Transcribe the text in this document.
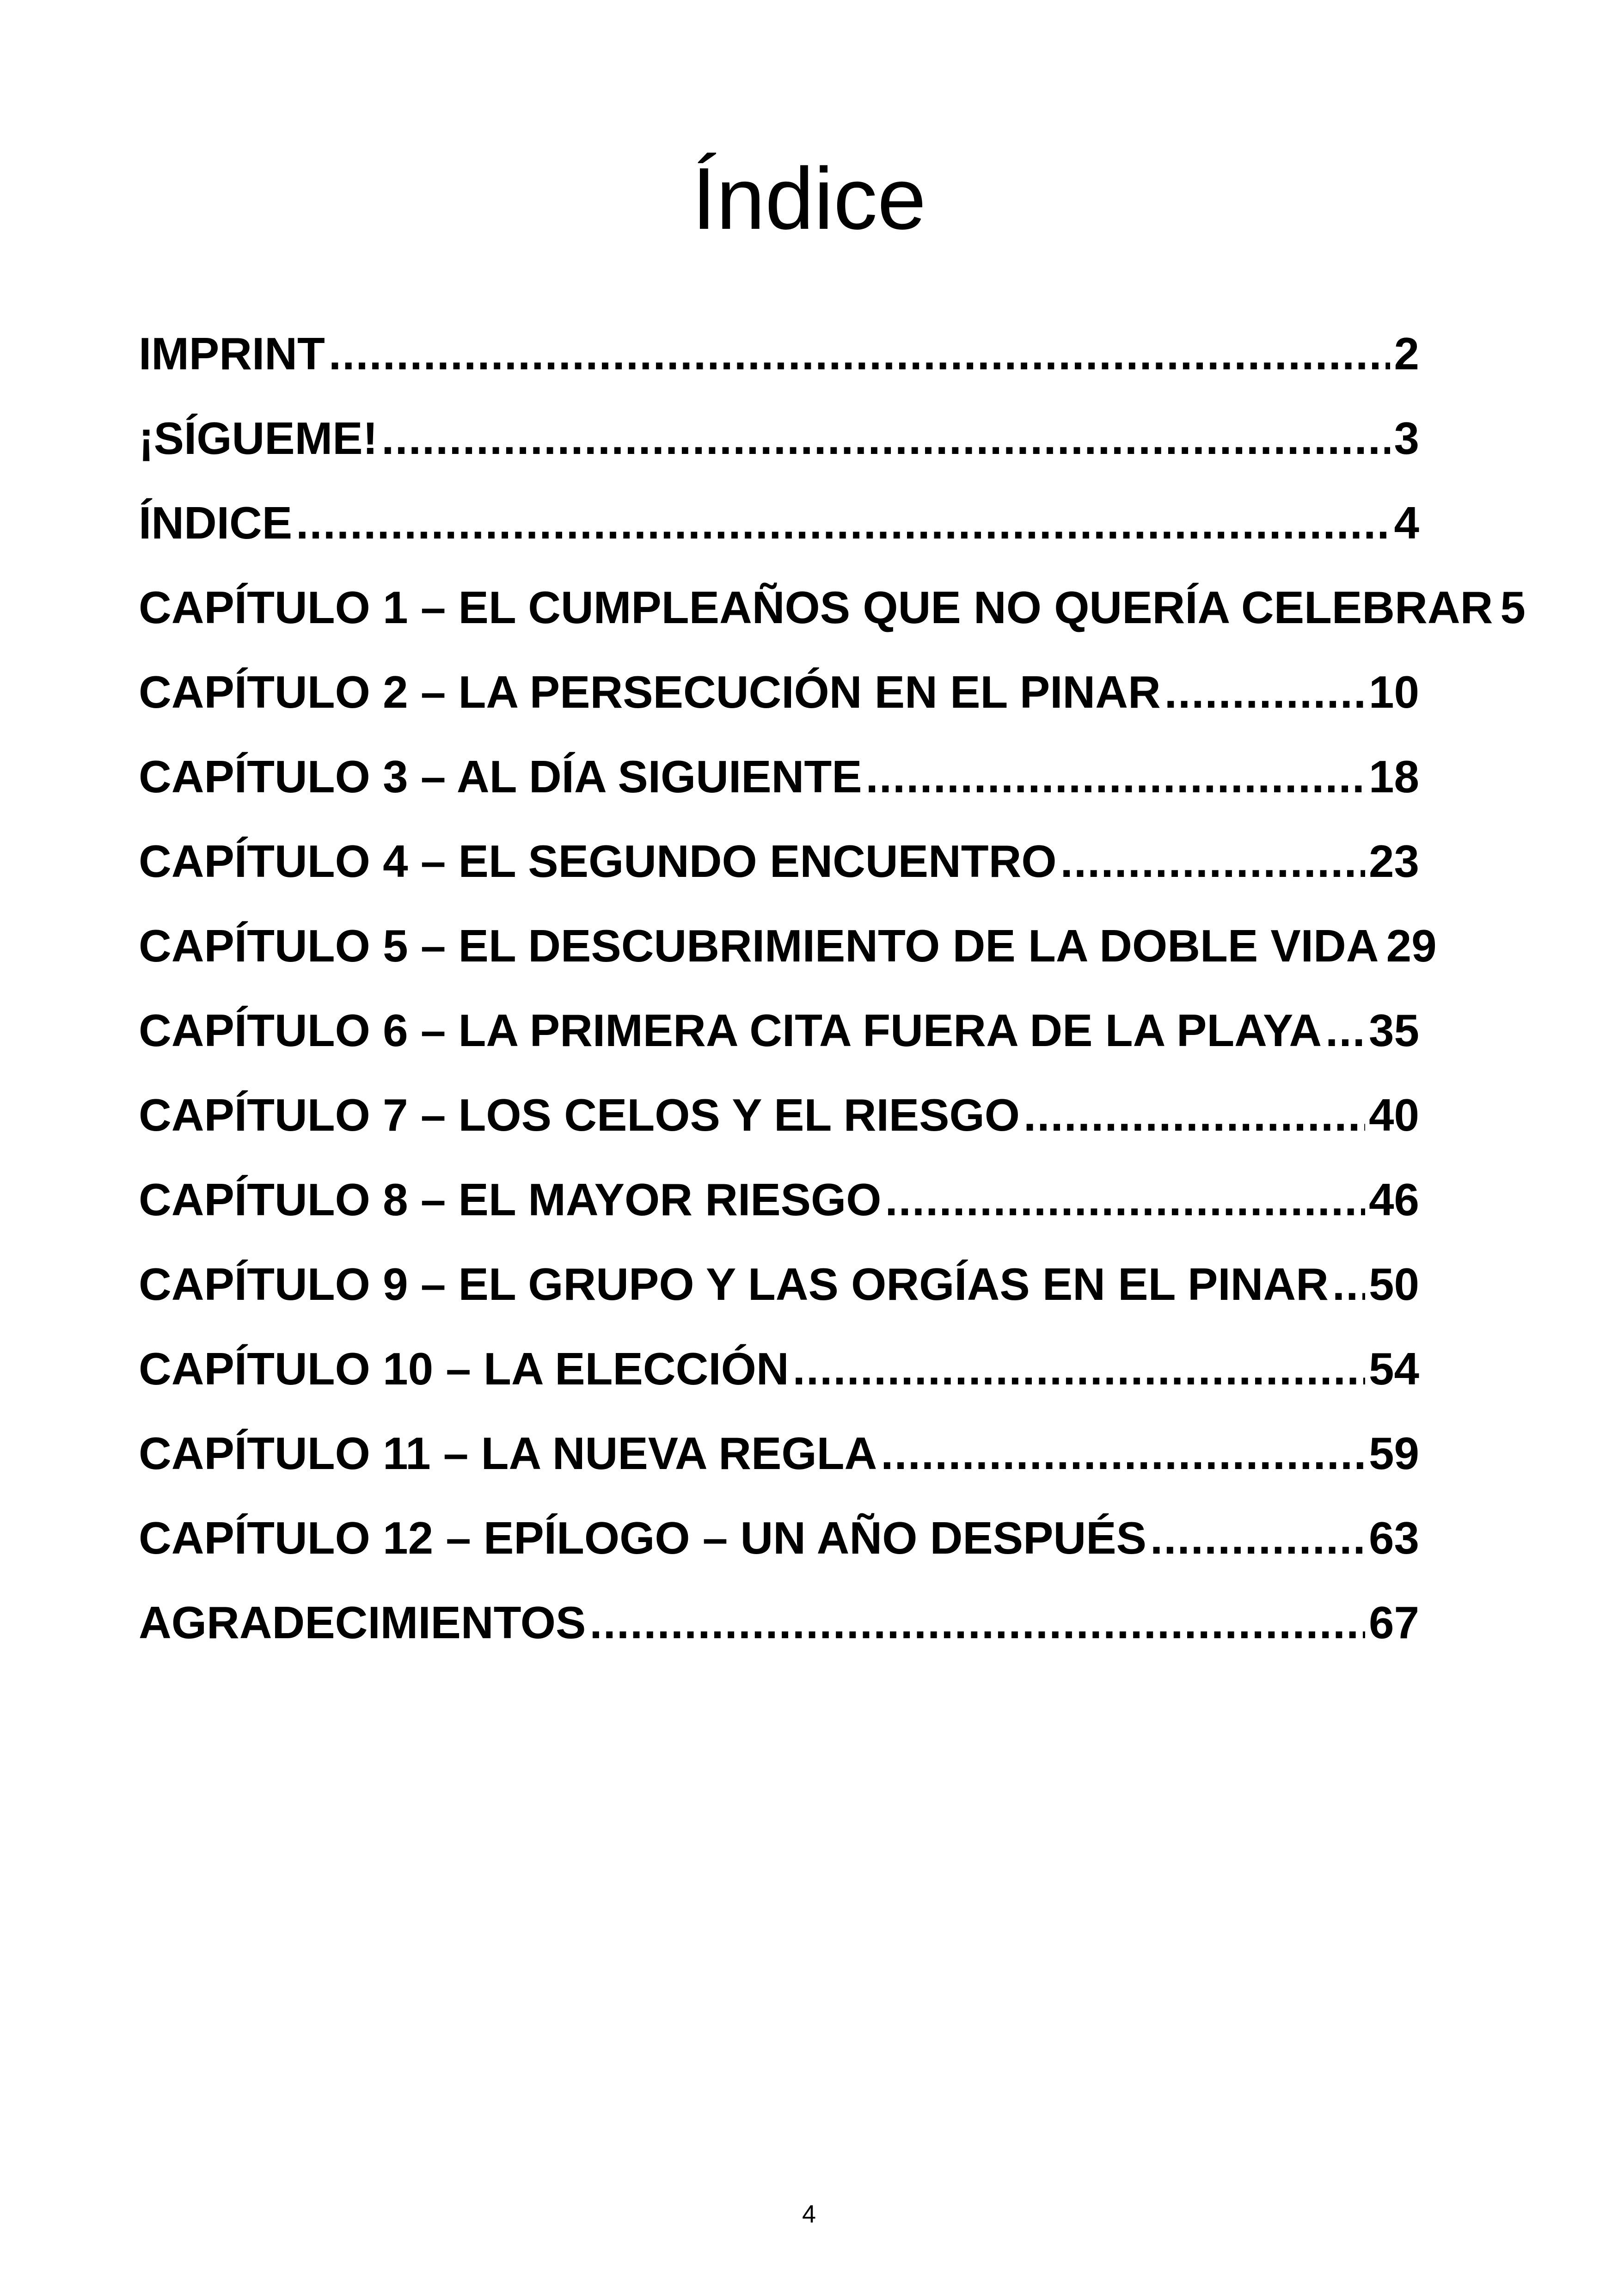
Índice
IMPRINT .....	2
¡SÍGUEME! .....	3
ÍNDICE .....	4
CAPÍTULO 1 – EL CUMPLEAÑOS QUE NO QUERÍA CELEBRAR 5
CAPÍTULO 2 – LA PERSECUCIÓN EN EL PINAR .....	10
CAPÍTULO 3 – AL DÍA SIGUIENTE .....	18
CAPÍTULO 4 – EL SEGUNDO ENCUENTRO .....	23
CAPÍTULO 5 – EL DESCUBRIMIENTO DE LA DOBLE VIDA 29
CAPÍTULO 6 – LA PRIMERA CITA FUERA DE LA PLAYA ..... 35
CAPÍTULO 7 – LOS CELOS Y EL RIESGO .....	40
CAPÍTULO 8 – EL MAYOR RIESGO .....	46
CAPÍTULO 9 – EL GRUPO Y LAS ORGÍAS EN EL PINAR ..... 50
CAPÍTULO 10 – LA ELECCIÓN .....	54
CAPÍTULO 11 – LA NUEVA REGLA .....	59
CAPÍTULO 12 – EPÍLOGO – UN AÑO DESPUÉS .....	63
AGRADECIMIENTOS .....	67
4
